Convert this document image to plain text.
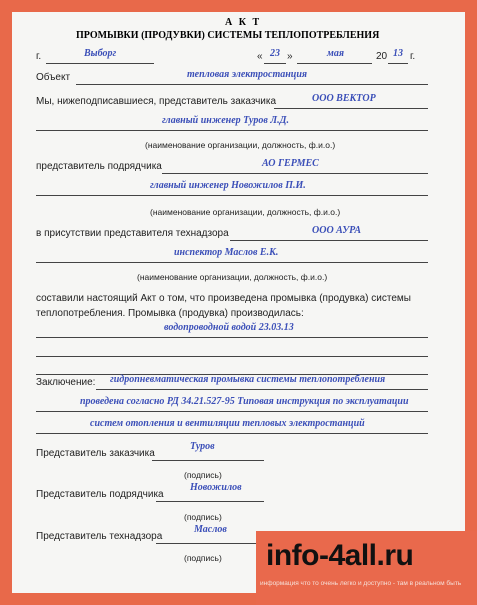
А К Т
ПРОМЫВКИ (ПРОДУВКИ) СИСТЕМЫ ТЕПЛОПОТРЕБЛЕНИЯ
г.	Выборг	« 23 »	мая	20 13 г.
Объект	тепловая электростанция
Мы, нижеподписавшиеся, представитель заказчика	ООО ВЕКТОР
главный инженер Туров Л.Д.
(наименование организации, должность, ф.и.о.)
представитель подрядчика	АО ГЕРМЕС
главный инженер Новожилов П.И.
(наименование организации, должность, ф.и.о.)
в присутствии представителя технадзора	ООО АУРА
инспектор Маслов Е.К.
(наименование организации, должность, ф.и.о.)
составили настоящий Акт о том, что произведена промывка (продувка) системы
теплопотребления. Промывка (продувка) производилась:
водопроводной водой 23.03.13
Заключение: гидропневматическая промывка системы теплопотребления
проведена согласно РД 34.21.527-95 Типовая инструкция по эксплуатации
систем отопления и вентиляции тепловых электростанций
Представитель заказчика
Туров
(подпись)
Представитель подрядчика
Новожилов
(подпись)
Представитель технадзора
Маслов
(подпись) info-4all.ru
информация что то очень легко и доступно - там в реальном быть
